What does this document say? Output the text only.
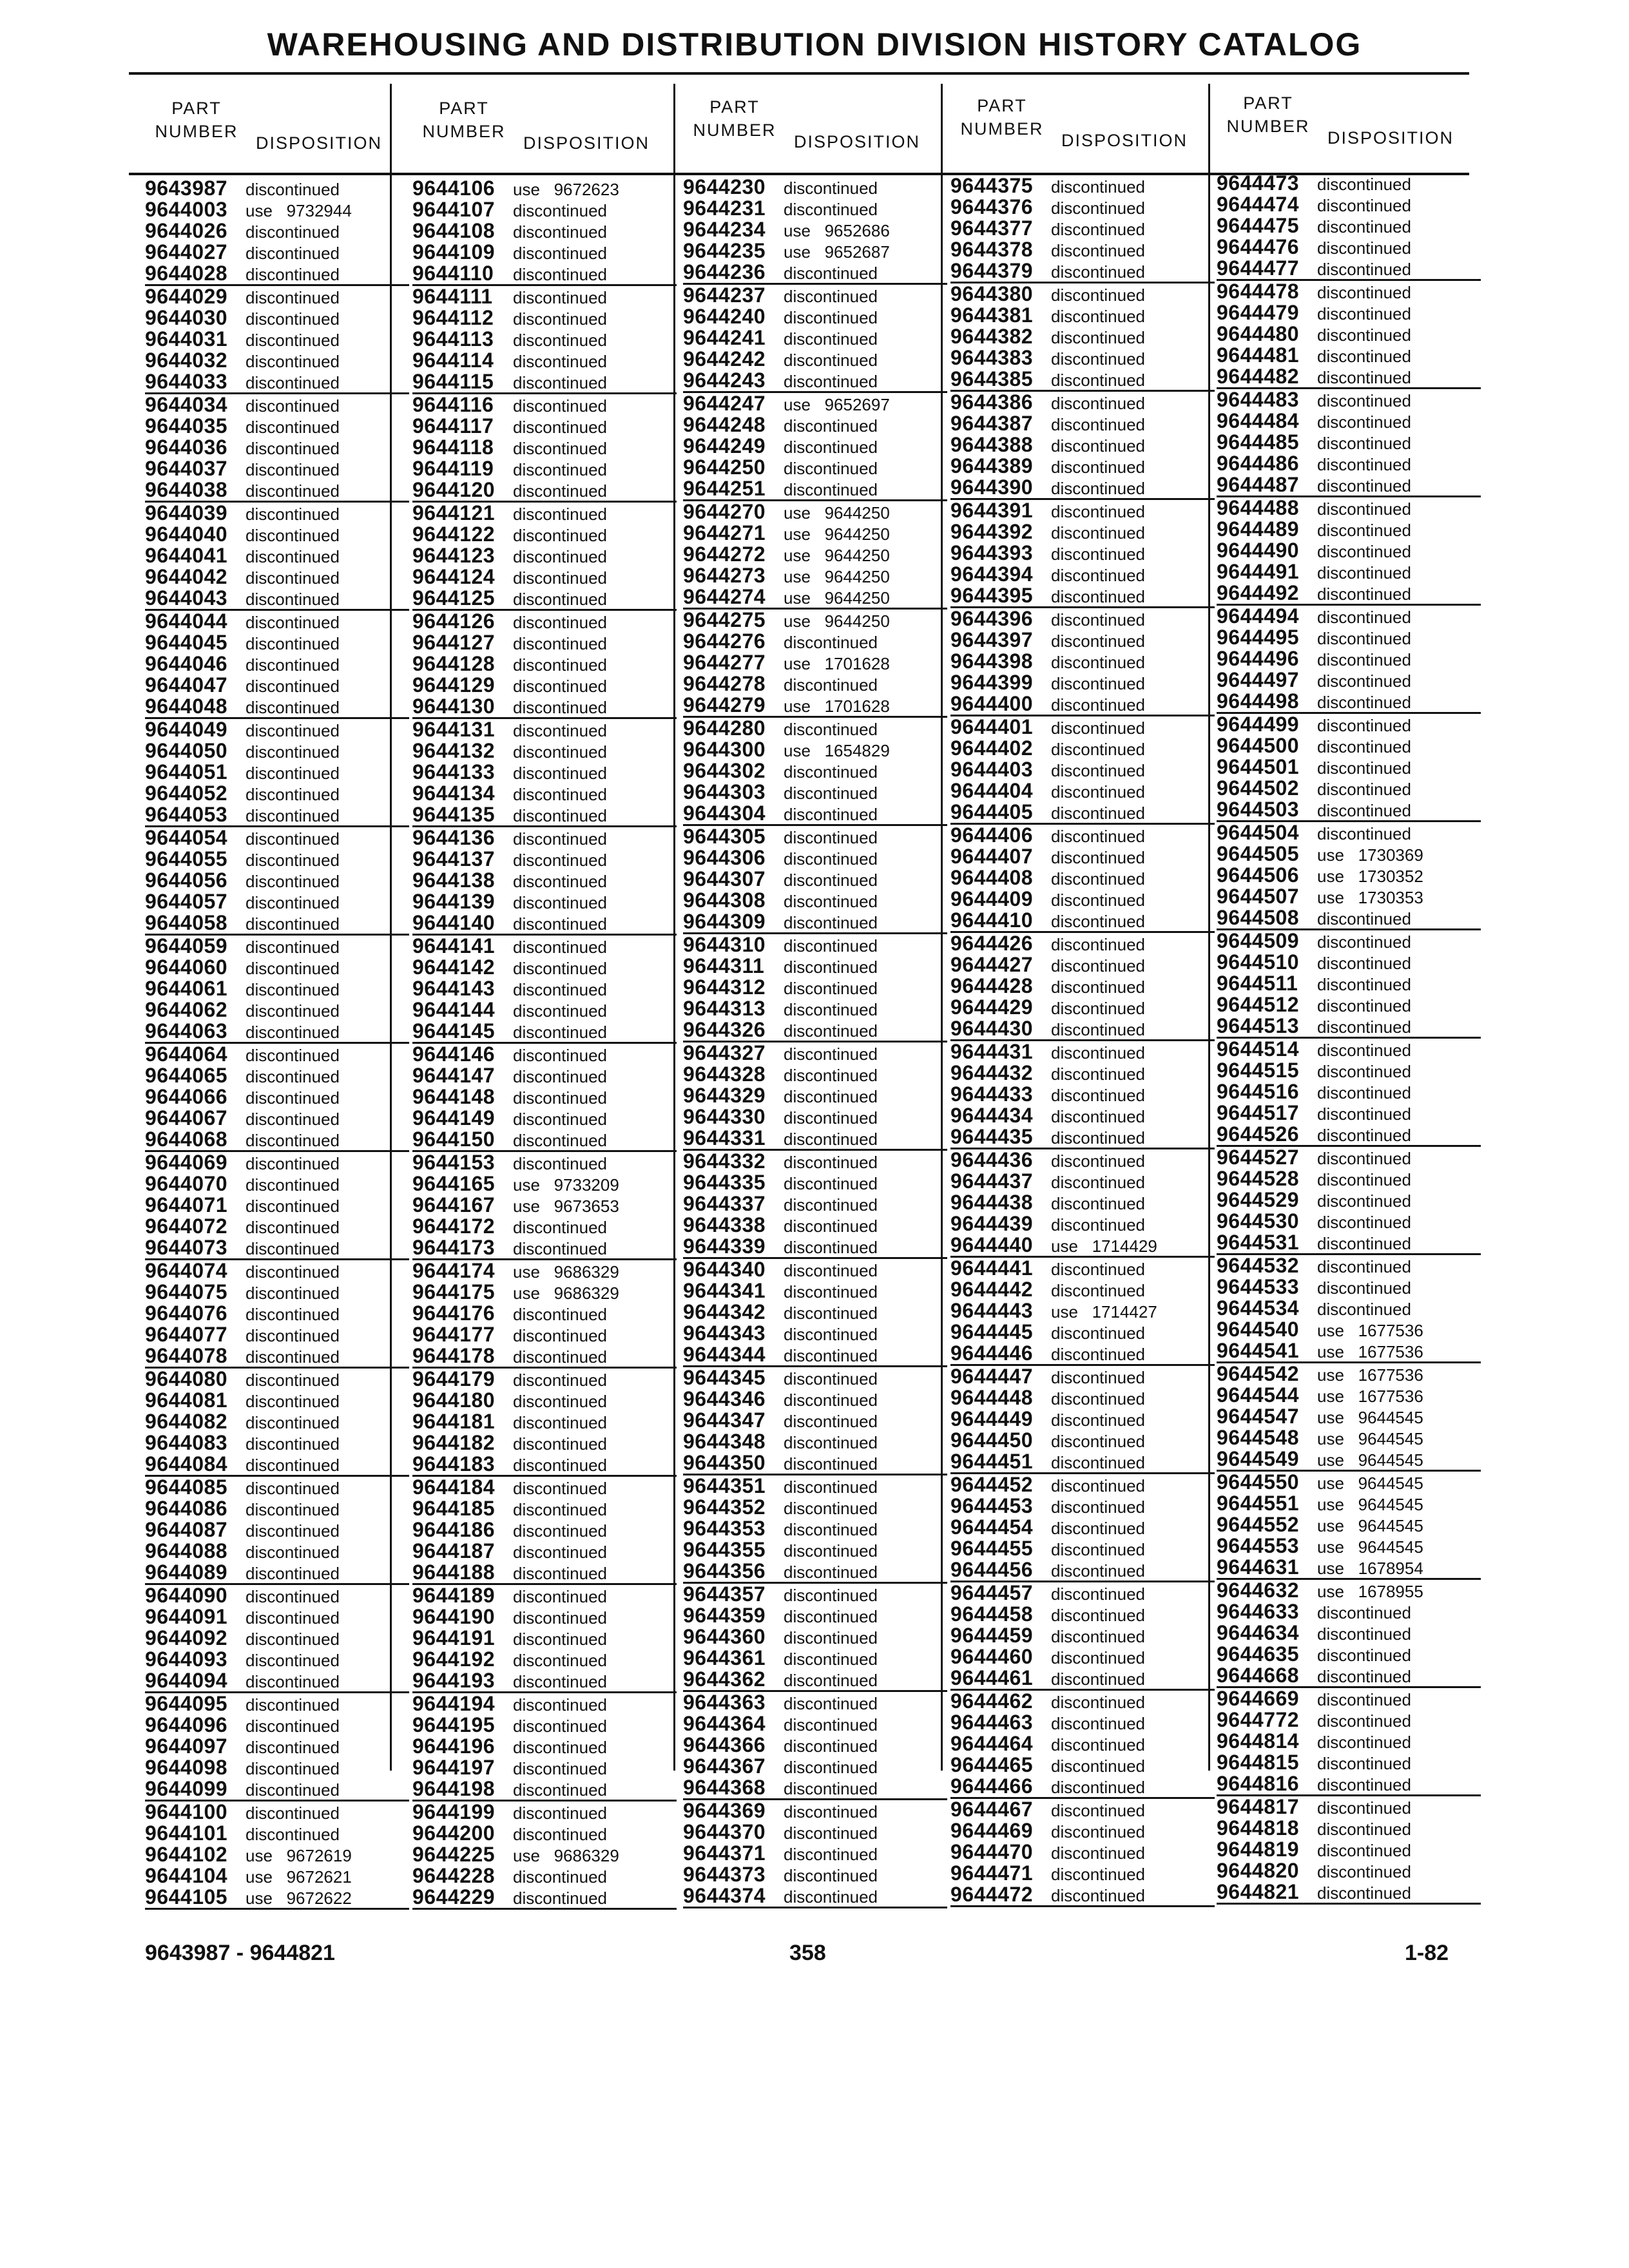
WAREHOUSING AND DISTRIBUTION DIVISION HISTORY CATALOG
PART
NUMBER
DISPOSITION
9643987 discontinued
9644003 use   9732944
9644026 discontinued
9644027 discontinued
9644028 discontinued
9644029 discontinued
9644030 discontinued
9644031 discontinued
9644032 discontinued
9644033 discontinued
9644034 discontinued
9644035 discontinued
9644036 discontinued
9644037 discontinued
9644038 discontinued
9644039 discontinued
9644040 discontinued
9644041 discontinued
9644042 discontinued
9644043 discontinued
9644044 discontinued
9644045 discontinued
9644046 discontinued
9644047 discontinued
9644048 discontinued
9644049 discontinued
9644050 discontinued
9644051 discontinued
9644052 discontinued
9644053 discontinued
9644054 discontinued
9644055 discontinued
9644056 discontinued
9644057 discontinued
9644058 discontinued
9644059 discontinued
9644060 discontinued
9644061 discontinued
9644062 discontinued
9644063 discontinued
9644064 discontinued
9644065 discontinued
9644066 discontinued
9644067 discontinued
9644068 discontinued
9644069 discontinued
9644070 discontinued
9644071 discontinued
9644072 discontinued
9644073 discontinued
9644074 discontinued
9644075 discontinued
9644076 discontinued
9644077 discontinued
9644078 discontinued
9644080 discontinued
9644081 discontinued
9644082 discontinued
9644083 discontinued
9644084 discontinued
9644085 discontinued
9644086 discontinued
9644087 discontinued
9644088 discontinued
9644089 discontinued
9644090 discontinued
9644091 discontinued
9644092 discontinued
9644093 discontinued
9644094 discontinued
9644095 discontinued
9644096 discontinued
9644097 discontinued
9644098 discontinued
9644099 discontinued
9644100 discontinued
9644101 discontinued
9644102 use   9672619
9644104 use   9672621
9644105 use   9672622
PART
NUMBER
DISPOSITION
9644106 use   9672623
9644107 discontinued
9644108 discontinued
9644109 discontinued
9644110 discontinued
9644111 discontinued
9644112 discontinued
9644113 discontinued
9644114 discontinued
9644115 discontinued
9644116 discontinued
9644117 discontinued
9644118 discontinued
9644119 discontinued
9644120 discontinued
9644121 discontinued
9644122 discontinued
9644123 discontinued
9644124 discontinued
9644125 discontinued
9644126 discontinued
9644127 discontinued
9644128 discontinued
9644129 discontinued
9644130 discontinued
9644131 discontinued
9644132 discontinued
9644133 discontinued
9644134 discontinued
9644135 discontinued
9644136 discontinued
9644137 discontinued
9644138 discontinued
9644139 discontinued
9644140 discontinued
9644141 discontinued
9644142 discontinued
9644143 discontinued
9644144 discontinued
9644145 discontinued
9644146 discontinued
9644147 discontinued
9644148 discontinued
9644149 discontinued
9644150 discontinued
9644153 discontinued
9644165 use   9733209
9644167 use   9673653
9644172 discontinued
9644173 discontinued
9644174 use   9686329
9644175 use   9686329
9644176 discontinued
9644177 discontinued
9644178 discontinued
9644179 discontinued
9644180 discontinued
9644181 discontinued
9644182 discontinued
9644183 discontinued
9644184 discontinued
9644185 discontinued
9644186 discontinued
9644187 discontinued
9644188 discontinued
9644189 discontinued
9644190 discontinued
9644191 discontinued
9644192 discontinued
9644193 discontinued
9644194 discontinued
9644195 discontinued
9644196 discontinued
9644197 discontinued
9644198 discontinued
9644199 discontinued
9644200 discontinued
9644225 use   9686329
9644228 discontinued
9644229 discontinued
PART
NUMBER
DISPOSITION
9644230 discontinued
9644231 discontinued
9644234 use   9652686
9644235 use   9652687
9644236 discontinued
9644237 discontinued
9644240 discontinued
9644241 discontinued
9644242 discontinued
9644243 discontinued
9644247 use   9652697
9644248 discontinued
9644249 discontinued
9644250 discontinued
9644251 discontinued
9644270 use   9644250
9644271 use   9644250
9644272 use   9644250
9644273 use   9644250
9644274 use   9644250
9644275 use   9644250
9644276 discontinued
9644277 use   1701628
9644278 discontinued
9644279 use   1701628
9644280 discontinued
9644300 use   1654829
9644302 discontinued
9644303 discontinued
9644304 discontinued
9644305 discontinued
9644306 discontinued
9644307 discontinued
9644308 discontinued
9644309 discontinued
9644310 discontinued
9644311 discontinued
9644312 discontinued
9644313 discontinued
9644326 discontinued
9644327 discontinued
9644328 discontinued
9644329 discontinued
9644330 discontinued
9644331 discontinued
9644332 discontinued
9644335 discontinued
9644337 discontinued
9644338 discontinued
9644339 discontinued
9644340 discontinued
9644341 discontinued
9644342 discontinued
9644343 discontinued
9644344 discontinued
9644345 discontinued
9644346 discontinued
9644347 discontinued
9644348 discontinued
9644350 discontinued
9644351 discontinued
9644352 discontinued
9644353 discontinued
9644355 discontinued
9644356 discontinued
9644357 discontinued
9644359 discontinued
9644360 discontinued
9644361 discontinued
9644362 discontinued
9644363 discontinued
9644364 discontinued
9644366 discontinued
9644367 discontinued
9644368 discontinued
9644369 discontinued
9644370 discontinued
9644371 discontinued
9644373 discontinued
9644374 discontinued
PART
NUMBER
DISPOSITION
9644375 discontinued
9644376 discontinued
9644377 discontinued
9644378 discontinued
9644379 discontinued
9644380 discontinued
9644381 discontinued
9644382 discontinued
9644383 discontinued
9644385 discontinued
9644386 discontinued
9644387 discontinued
9644388 discontinued
9644389 discontinued
9644390 discontinued
9644391 discontinued
9644392 discontinued
9644393 discontinued
9644394 discontinued
9644395 discontinued
9644396 discontinued
9644397 discontinued
9644398 discontinued
9644399 discontinued
9644400 discontinued
9644401 discontinued
9644402 discontinued
9644403 discontinued
9644404 discontinued
9644405 discontinued
9644406 discontinued
9644407 discontinued
9644408 discontinued
9644409 discontinued
9644410 discontinued
9644426 discontinued
9644427 discontinued
9644428 discontinued
9644429 discontinued
9644430 discontinued
9644431 discontinued
9644432 discontinued
9644433 discontinued
9644434 discontinued
9644435 discontinued
9644436 discontinued
9644437 discontinued
9644438 discontinued
9644439 discontinued
9644440 use   1714429
9644441 discontinued
9644442 discontinued
9644443 use   1714427
9644445 discontinued
9644446 discontinued
9644447 discontinued
9644448 discontinued
9644449 discontinued
9644450 discontinued
9644451 discontinued
9644452 discontinued
9644453 discontinued
9644454 discontinued
9644455 discontinued
9644456 discontinued
9644457 discontinued
9644458 discontinued
9644459 discontinued
9644460 discontinued
9644461 discontinued
9644462 discontinued
9644463 discontinued
9644464 discontinued
9644465 discontinued
9644466 discontinued
9644467 discontinued
9644469 discontinued
9644470 discontinued
9644471 discontinued
9644472 discontinued
PART
NUMBER
DISPOSITION
9644473 discontinued
9644474 discontinued
9644475 discontinued
9644476 discontinued
9644477 discontinued
9644478 discontinued
9644479 discontinued
9644480 discontinued
9644481 discontinued
9644482 discontinued
9644483 discontinued
9644484 discontinued
9644485 discontinued
9644486 discontinued
9644487 discontinued
9644488 discontinued
9644489 discontinued
9644490 discontinued
9644491 discontinued
9644492 discontinued
9644494 discontinued
9644495 discontinued
9644496 discontinued
9644497 discontinued
9644498 discontinued
9644499 discontinued
9644500 discontinued
9644501 discontinued
9644502 discontinued
9644503 discontinued
9644504 discontinued
9644505 use   1730369
9644506 use   1730352
9644507 use   1730353
9644508 discontinued
9644509 discontinued
9644510 discontinued
9644511 discontinued
9644512 discontinued
9644513 discontinued
9644514 discontinued
9644515 discontinued
9644516 discontinued
9644517 discontinued
9644526 discontinued
9644527 discontinued
9644528 discontinued
9644529 discontinued
9644530 discontinued
9644531 discontinued
9644532 discontinued
9644533 discontinued
9644534 discontinued
9644540 use   1677536
9644541 use   1677536
9644542 use   1677536
9644544 use   1677536
9644547 use   9644545
9644548 use   9644545
9644549 use   9644545
9644550 use   9644545
9644551 use   9644545
9644552 use   9644545
9644553 use   9644545
9644631 use   1678954
9644632 use   1678955
9644633 discontinued
9644634 discontinued
9644635 discontinued
9644668 discontinued
9644669 discontinued
9644772 discontinued
9644814 discontinued
9644815 discontinued
9644816 discontinued
9644817 discontinued
9644818 discontinued
9644819 discontinued
9644820 discontinued
9644821 discontinued
9643987 - 9644821	358	1-82
